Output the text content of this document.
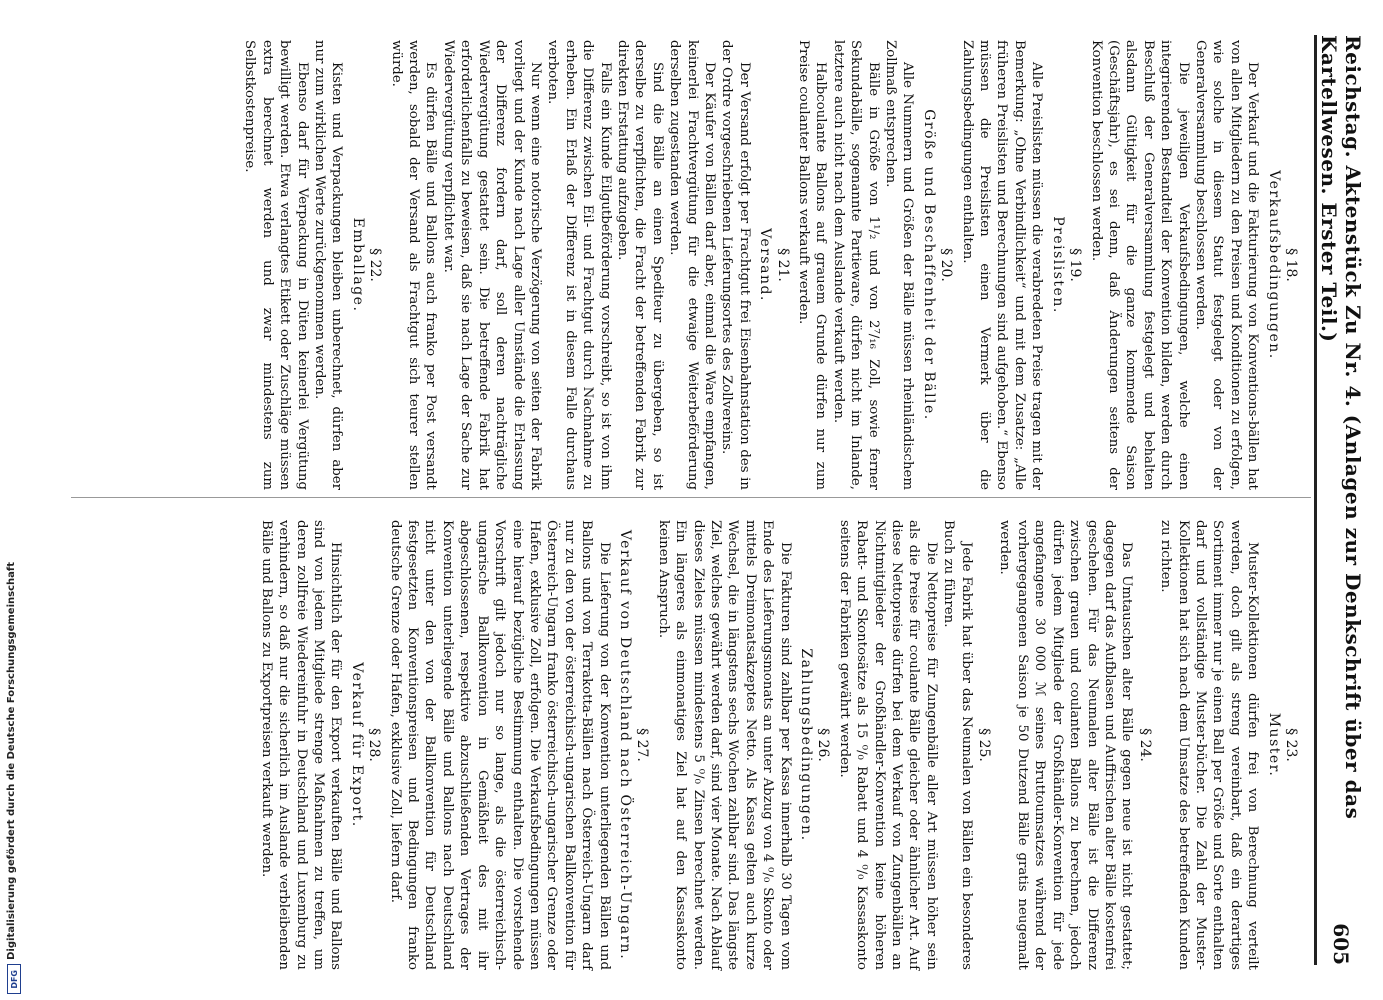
Reichstag. Aktenstück Zu Nr. 4. (Anlagen zur Denkschrift über das Kartellwesen. Erster Teil.)
605
§ 18.
Verkaufsbedingungen.

Der Verkauf und die Fakturierung von Konventions-bällen hat von allen Mitgliedern zu den Preisen und Konditionen zu erfolgen, wie solche in diesem Statut festgelegt oder von der Generalversammlung beschlossen werden.

Die jeweiligen Verkaufsbedingungen, welche einen integrierenden Bestandteil der Konvention bilden, werden durch Beschluß der Generalversammlung festgelegt und behalten alsdann Gültigkeit für die ganze kommende Saison (Geschäftsjahr), es sei denn, daß Änderungen seitens der Konvention beschlossen werden.

§ 19.
Preislisten.

Alle Preislisten müssen die verabredeten Preise tragen mit der Bemerkung: „Ohne Verbindlichkeit“ und mit dem Zusatze: „Alle früheren Preislisten und Berechnungen sind aufgehoben.“ Ebenso müssen die Preislisten einen Vermerk über die Zahlungsbedingungen enthalten.

§ 20.
Größe und Beschaffenheit der Bälle.

Alle Nummern und Größen der Bälle müssen rheinländischem Zollmaß entsprechen.

Bälle in Größe von 1¹/₂ und von 2⁷/₁₆ Zoll, sowie ferner Sekundabälle, sogenannte Partieware, dürfen nicht im Inlande, letztere auch nicht nach dem Auslande verkauft werden.

Halbcoulante Ballons auf grauem Grunde dürfen nur zum Preise coulanter Ballons verkauft werden.

§ 21.
Versand.

Der Versand erfolgt per Frachtgut frei Eisenbahnstation des in der Ordre vorgeschriebenen Lieferungsortes des Zollvereins.

Der Käufer von Bällen darf aber, einmal die Ware empfangen, keinerlei Frachtvergütung für die etwaige Weiterbeförderung derselben zugestanden werden.

Sind die Bälle an einen Spediteur zu übergeben, so ist derselbe zu verpflichten, die Fracht der betreffenden Fabrik zur direkten Erstattung aufzugeben.

Falls ein Kunde Eilgutbeförderung vorschreibt, so ist von ihm die Differenz zwischen Eil- und Frachtgut durch Nachnahme zu erheben. Ein Erlaß der Differenz ist in diesem Falle durchaus verboten.

Nur wenn eine notorische Verzögerung von seiten der Fabrik vorliegt und der Kunde nach Lage aller Umstände die Erlassung der Differenz fordern darf, soll deren nachträgliche Wiedervergütung gestattet sein. Die betreffende Fabrik hat erforderlichenfalls zu beweisen, daß sie nach Lage der Sache zur Wiedervergütung verpflichtet war.

Es dürfen Bälle und Ballons auch franko per Post versandt werden, sobald der Versand als Frachtgut sich teurer stellen würde.

§ 22.
Emballage.

Kisten und Verpackungen bleiben unberechnet, dürfen aber nur zum wirklichen Werte zurückgenommen werden.

Ebenso darf für Verpackung in Düten keinerlei Vergütung bewilligt werden. Etwa verlangtes Etikett oder Zuschläge müssen extra berechnet werden und zwar mindestens zum Selbstkostenpreise.

§ 23.
Muster.

Muster-Kollektionen dürfen frei von Berechnung verteilt werden, doch gilt als streng vereinbart, daß ein derartiges Sortiment immer nur je einen Ball per Größe und Sorte enthalten darf und vollständige Muster-bücher. Die Zahl der Muster-Kollektionen hat sich nach dem Umsatze des betreffenden Kunden zu richten.

§ 24.

Das Umtauschen alter Bälle gegen neue ist nicht gestattet; dagegen darf das Aufblasen und Auffrischen alter Bälle kostenfrei geschehen. Für das Neumalen alter Bälle ist die Differenz zwischen grauen und coulanten Ballons zu berechnen, jedoch dürfen jedem Mitgliede der Großhändler-Konvention für jede angefangene 30 000 ℳ seines Bruttoumsatzes während der vorhergegangenen Saison je 50 Dutzend Bälle gratis neugemalt werden.

§ 25.

Jede Fabrik hat über das Neumalen von Bällen ein besonderes Buch zu führen.

Die Nettopreise für Zungenbälle aller Art müssen höher sein als die Preise für coulante Bälle gleicher oder ähnlicher Art. Auf diese Nettopreise dürfen bei dem Verkauf von Zungenbällen an Nichtmitglieder der Großhändler-Konvention keine höheren Rabatt- und Skontosätze als 15 ⁰/₀ Rabatt und 4 ⁰/₀ Kassaskonto seitens der Fabriken gewährt werden.

§ 26.
Zahlungsbedingungen.

Die Fakturen sind zahlbar per Kassa innerhalb 30 Tagen vom Ende des Lieferungsmonats an unter Abzug von 4 ⁰/₀ Skonto oder mittels Dreimonatsakzeptes Netto. Als Kassa gelten auch kurze Wechsel, die in längstens sechs Wochen zahlbar sind. Das längste Ziel, welches gewährt werden darf, sind vier Monate. Nach Ablauf dieses Zieles müssen mindestens 5 ⁰/₀ Zinsen berechnet werden. Ein längeres als einmonatiges Ziel hat auf den Kassaskonto keinen Anspruch.

§ 27.
Verkauf von Deutschland nach Österreich-Ungarn.

Die Lieferung von der Konvention unterliegenden Bällen und Ballons und von Terrakotta-Bällen nach Österreich-Ungarn darf nur zu den von der österreichisch-ungarischen Ballkonvention für Österreich-Ungarn franko österreichisch-ungarischer Grenze oder Hafen, exklusive Zoll, erfolgen. Die Verkaufsbedingungen müssen eine hierauf bezügliche Bestimmung enthalten. Die vorstehende Vorschrift gilt jedoch nur so lange, als die österreichisch-ungarische Ballkonvention in Gemäßheit des mit ihr abgeschlossenen, respektive abzuschließenden Vertrages der Konvention unterliegende Bälle und Ballons nach Deutschland nicht unter den von der Ballkonvention für Deutschland festgesetzten Konventionspreisen und Bedingungen franko deutsche Grenze oder Hafen, exklusive Zoll, liefern darf.

§ 28.
Verkauf für Export.

Hinsichtlich der für den Export verkauften Bälle und Ballons sind von jedem Mitgliede strenge Maßnahmen zu treffen, um deren zollfreie Wiedereinfuhr in Deutschland und Luxemburg zu verhindern, so daß nur die sicherlich im Auslande verbleibenden Bälle und Ballons zu Exportpreisen verkauft werden.

DFG
Digitalisierung gefördert durch die Deutsche Forschungsgemeinschaft
